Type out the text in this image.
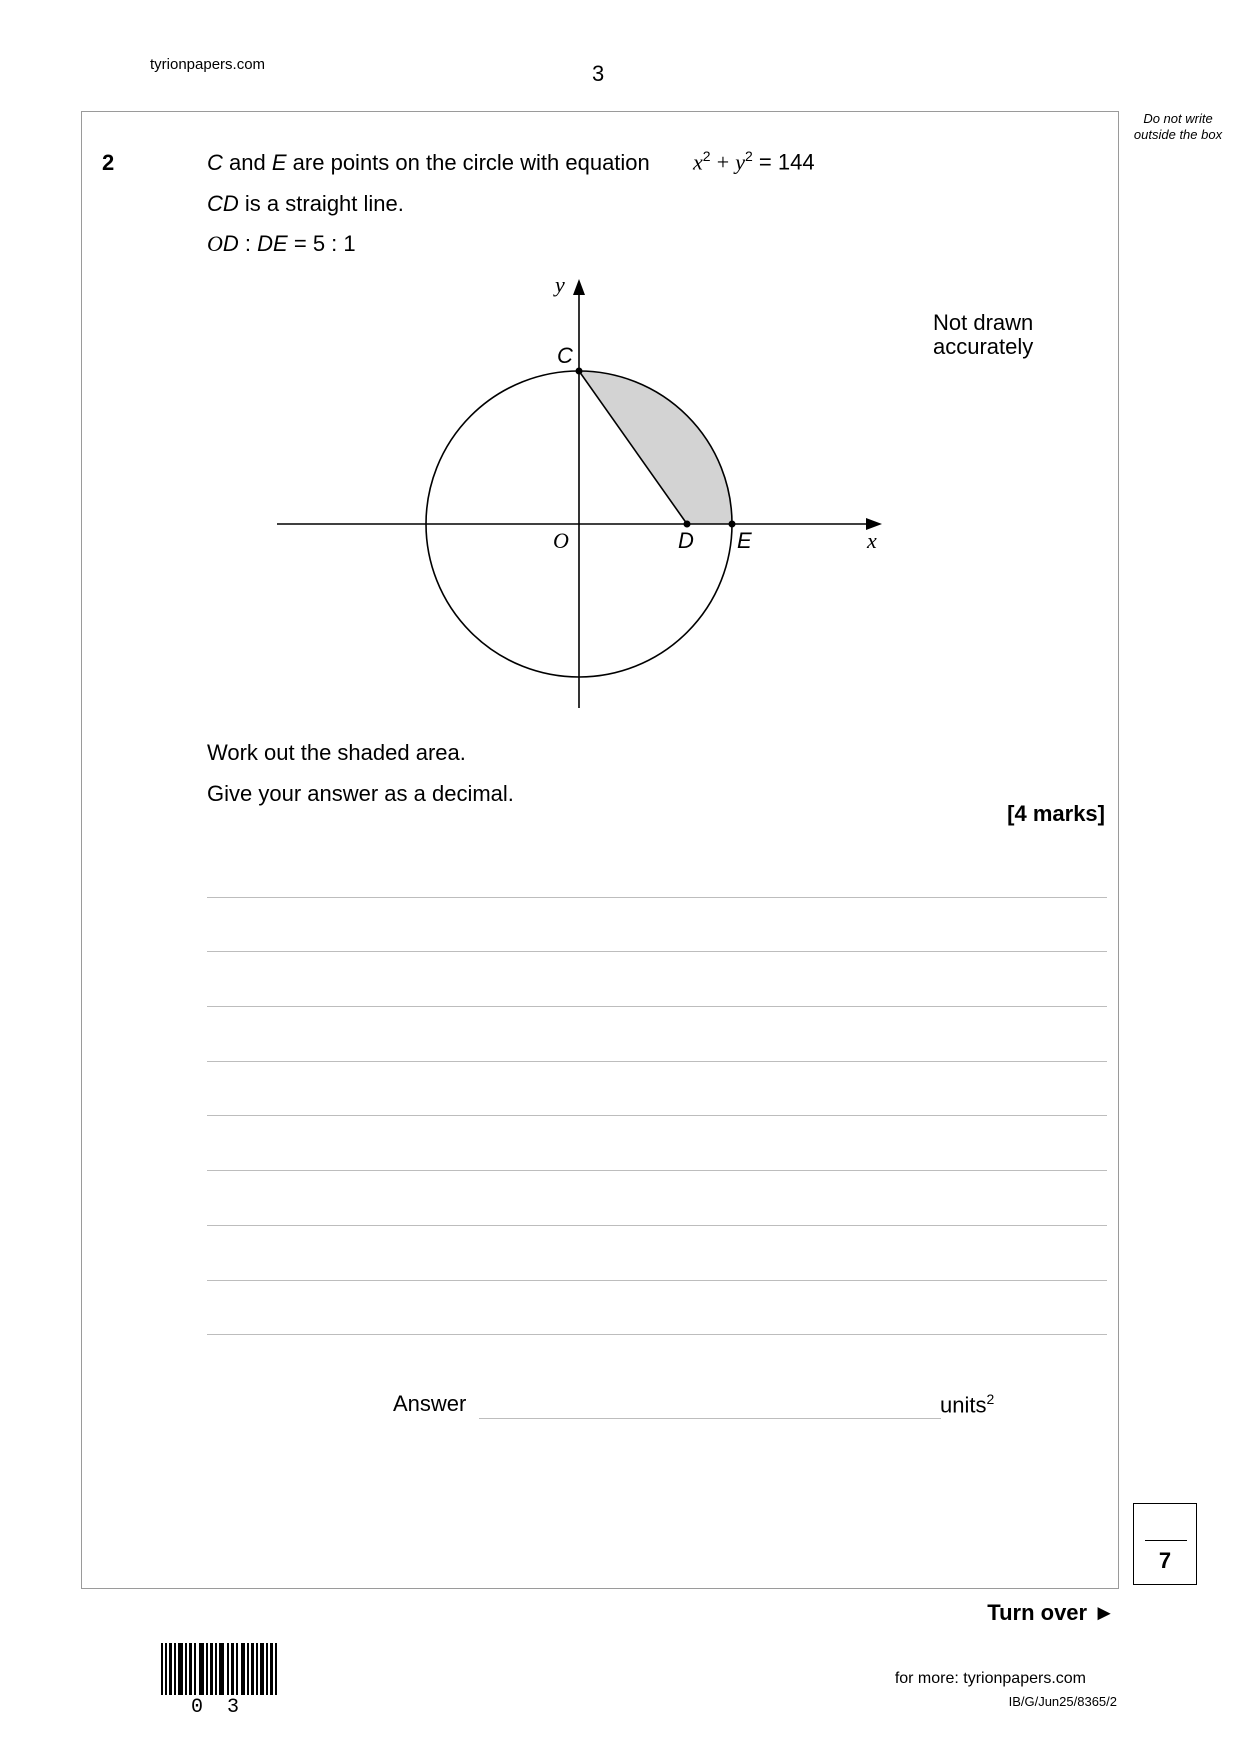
tyrionpapers.com	3
Do not write outside the box
2	C and E are points on the circle with equation $x^2 + y^2 = 144$
CD is a straight line.
OD : DE = 5 : 1
Not drawn
accurately
y
x
C
O	D E
Work out the shaded area.
Give your answer as a decimal.
[4 marks]
Answer	units$^2$
7
Turn over ►
0 3
for more: tyrionpapers.com
IB/G/Jun25/8365/2
